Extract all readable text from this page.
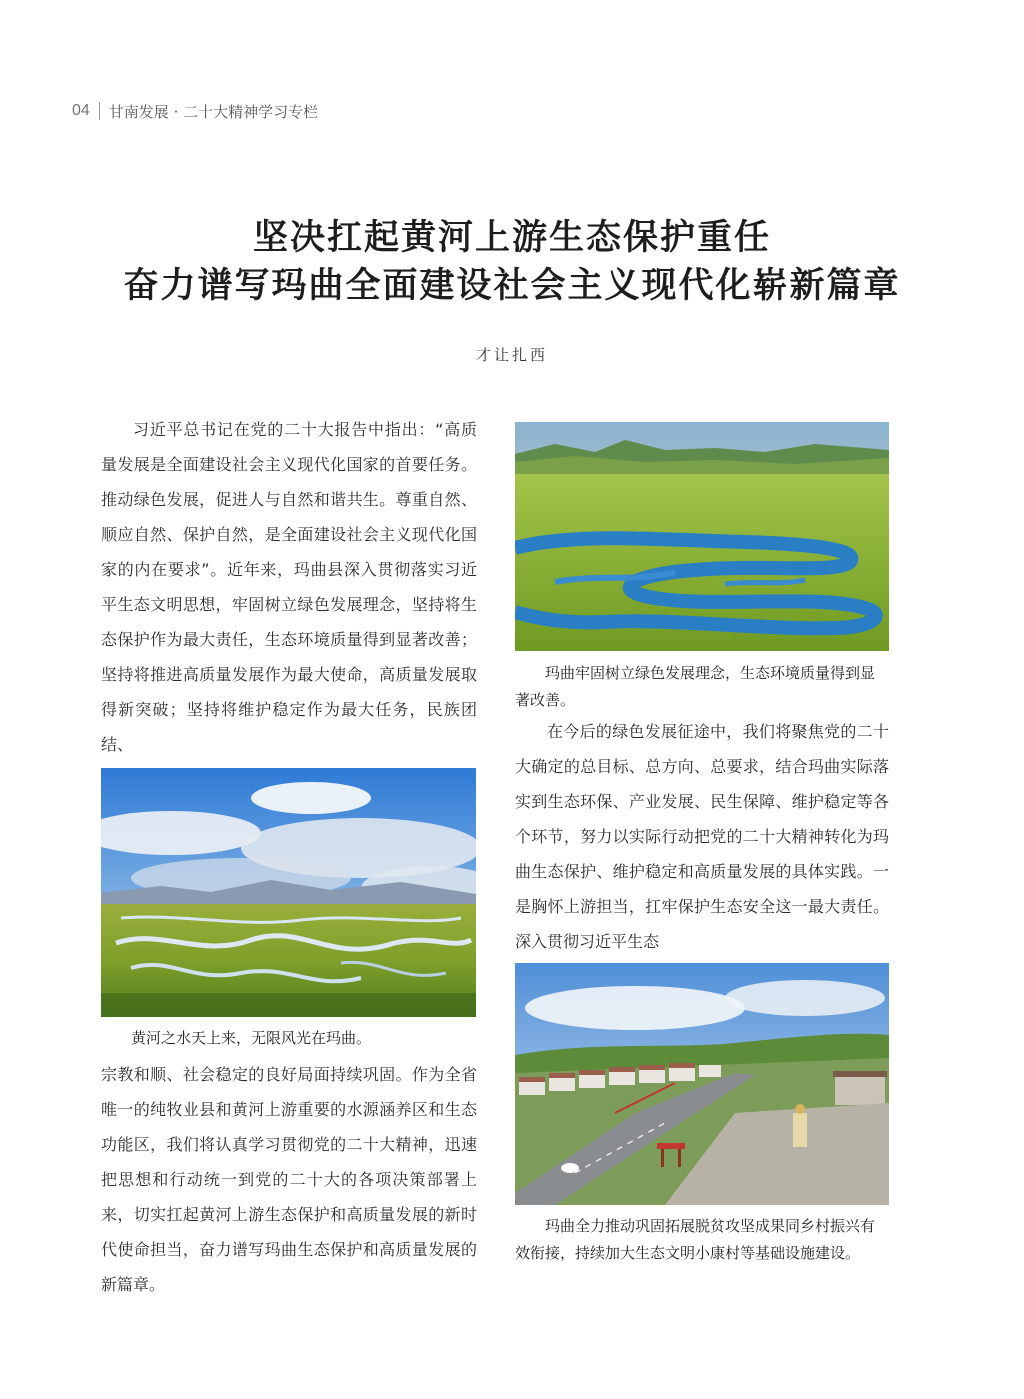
04 甘南发展 · 二十大精神学习专栏
坚决扛起黄河上游生态保护重任
奋力谱写玛曲全面建设社会主义现代化崭新篇章
才让扎西

习近平总书记在党的二十大报告中指出：“高质量发展是全面建设社会主义现代化国家的首要任务。推动绿色发展，促进人与自然和谐共生。尊重自然、顺应自然、保护自然，是全面建设社会主义现代化国家的内在要求”。近年来，玛曲县深入贯彻落实习近平生态文明思想，牢固树立绿色发展理念，坚持将生态保护作为最大责任，生态环境质量得到显著改善；坚持将推进高质量发展作为最大使命，高质量发展取得新突破；坚持将维护稳定作为最大任务，民族团结、

黄河之水天上来，无限风光在玛曲。

宗教和顺、社会稳定的良好局面持续巩固。作为全省唯一的纯牧业县和黄河上游重要的水源涵养区和生态功能区，我们将认真学习贯彻党的二十大精神，迅速把思想和行动统一到党的二十大的各项决策部署上来，切实扛起黄河上游生态保护和高质量发展的新时代使命担当，奋力谱写玛曲生态保护和高质量发展的新篇章。

玛曲牢固树立绿色发展理念，生态环境质量得到显著改善。

在今后的绿色发展征途中，我们将聚焦党的二十大确定的总目标、总方向、总要求，结合玛曲实际落实到生态环保、产业发展、民生保障、维护稳定等各个环节，努力以实际行动把党的二十大精神转化为玛曲生态保护、维护稳定和高质量发展的具体实践。一是胸怀上游担当，扛牢保护生态安全这一最大责任。深入贯彻习近平生态

玛曲全力推动巩固拓展脱贫攻坚成果同乡村振兴有效衔接，持续加大生态文明小康村等基础设施建设。
